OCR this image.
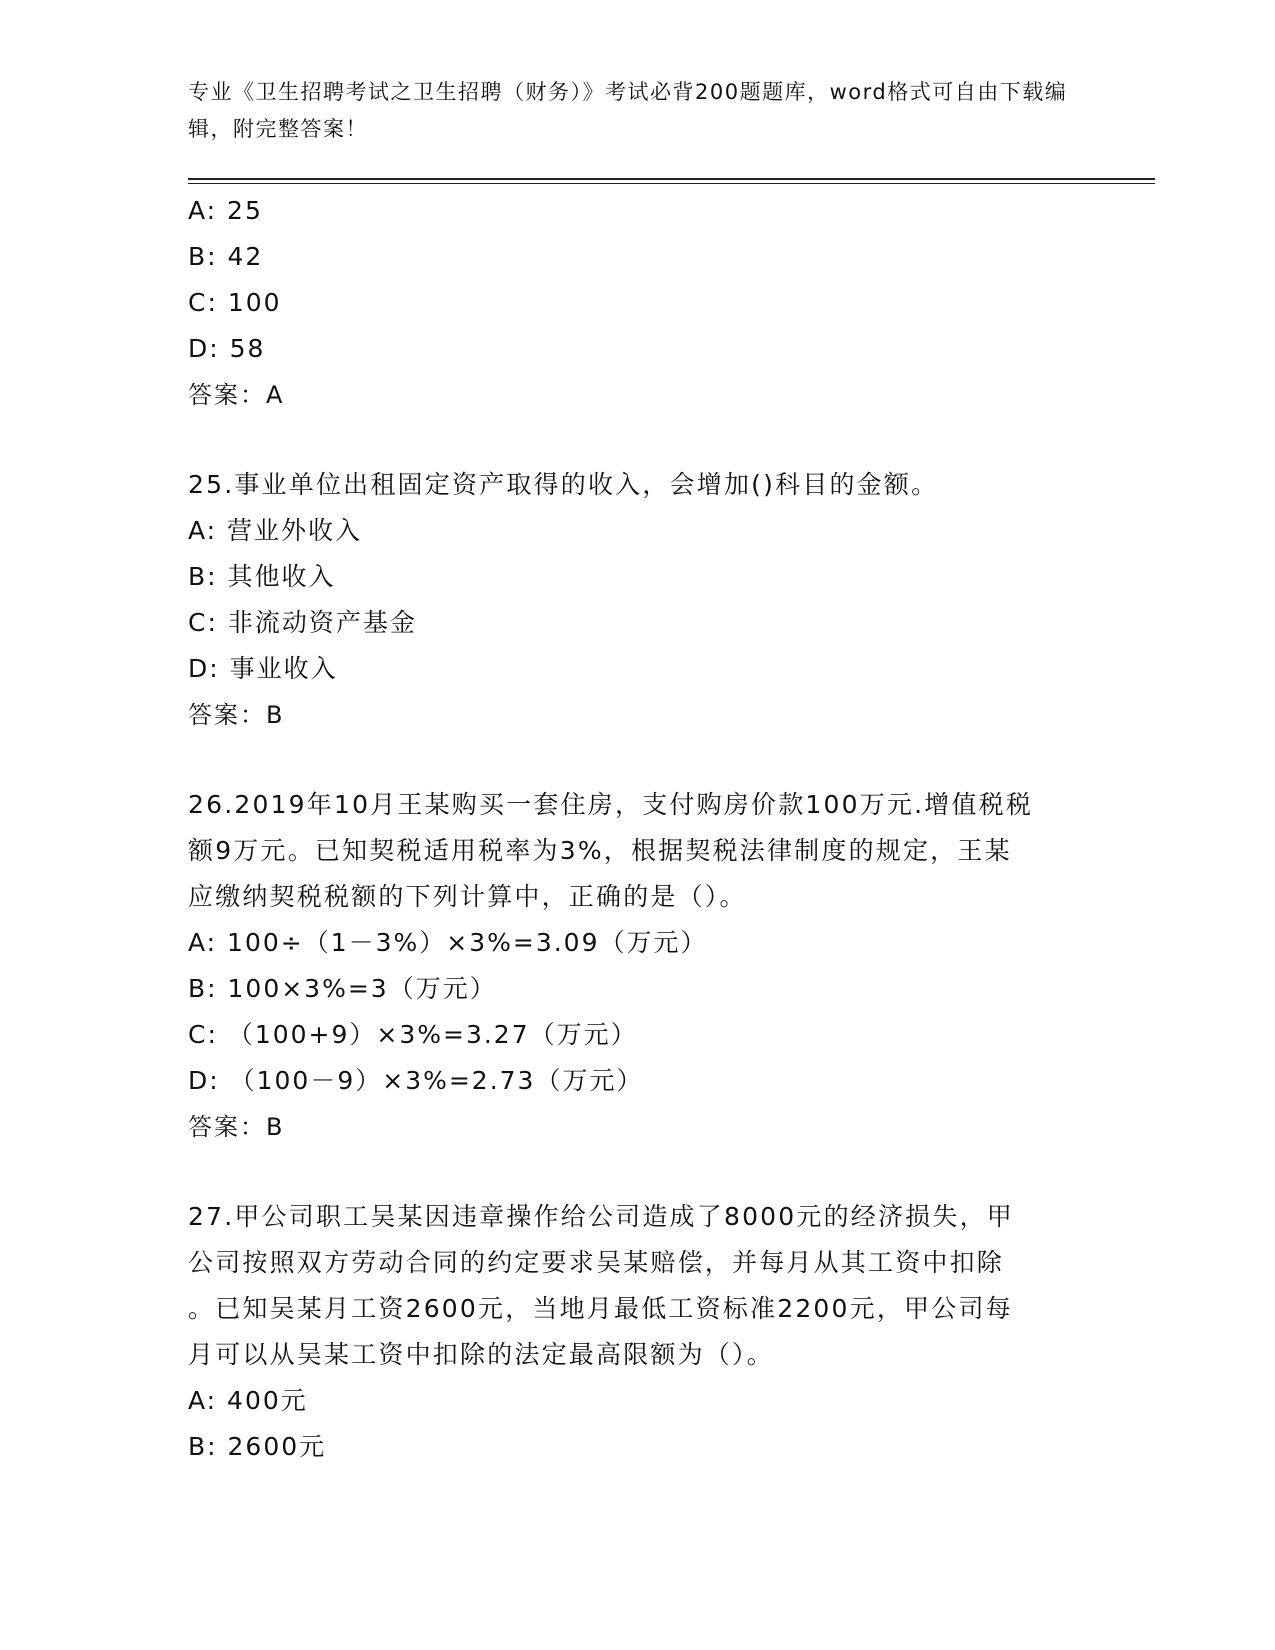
专业《卫生招聘考试之卫生招聘（财务）》考试必背200题题库，word格式可自由下载编辑，附完整答案！
A: 25
B: 42
C: 100
D: 58
答案：A
25.事业单位出租固定资产取得的收入，会增加()科目的金额。
A: 营业外收入
B: 其他收入
C: 非流动资产基金
D: 事业收入
答案：B
26.2019年10月王某购买一套住房，支付购房价款100万元.增值税税
额9万元。已知契税适用税率为3%，根据契税法律制度的规定，王某
应缴纳契税税额的下列计算中，正确的是（）。
A: 100÷（1－3%）×3%=3.09（万元）
B: 100×3%=3（万元）
C: （100+9）×3%=3.27（万元）
D: （100－9）×3%=2.73（万元）
答案：B
27.甲公司职工吴某因违章操作给公司造成了8000元的经济损失，甲
公司按照双方劳动合同的约定要求吴某赔偿，并每月从其工资中扣除
。已知吴某月工资2600元，当地月最低工资标准2200元，甲公司每
月可以从吴某工资中扣除的法定最高限额为（）。
A: 400元
B: 2600元
